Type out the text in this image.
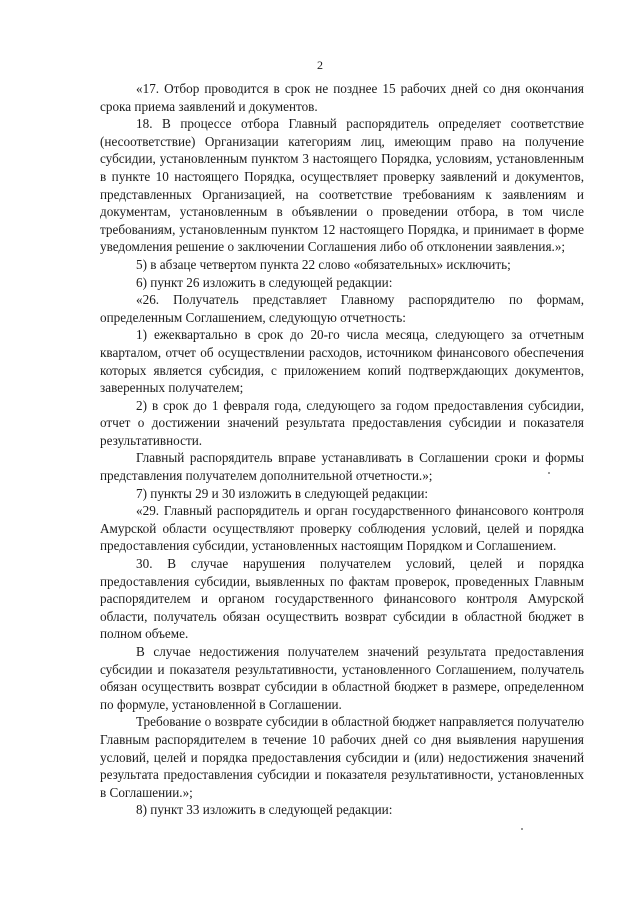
2

«17. Отбор проводится в срок не позднее 15 рабочих дней со дня окончания срока приема заявлений и документов.

18. В процессе отбора Главный распорядитель определяет соответствие (несоответствие) Организации категориям лиц, имеющим право на получение субсидии, установленным пунктом 3 настоящего Порядка, условиям, установленным в пункте 10 настоящего Порядка, осуществляет проверку заявлений и документов, представленных Организацией, на соответствие требованиям к заявлениям и документам, установленным в объявлении о проведении отбора, в том числе требованиям, установленным пунктом 12 настоящего Порядка, и принимает в форме уведомления решение о заключении Соглашения либо об отклонении заявления.»;

5) в абзаце четвертом пункта 22 слово «обязательных» исключить;

6) пункт 26 изложить в следующей редакции:

«26. Получатель представляет Главному распорядителю по формам, определенным Соглашением, следующую отчетность:

1) ежеквартально в срок до 20-го числа месяца, следующего за отчетным кварталом, отчет об осуществлении расходов, источником финансового обеспечения которых является субсидия, с приложением копий подтверждающих документов, заверенных получателем;

2) в срок до 1 февраля года, следующего за годом предоставления субсидии, отчет о достижении значений результата предоставления субсидии и показателя результативности.

Главный распорядитель вправе устанавливать в Соглашении сроки и формы представления получателем дополнительной отчетности.»;

7) пункты 29 и 30 изложить в следующей редакции:

«29. Главный распорядитель и орган государственного финансового контроля Амурской области осуществляют проверку соблюдения условий, целей и порядка предоставления субсидии, установленных настоящим Порядком и Соглашением.

30. В случае нарушения получателем условий, целей и порядка предоставления субсидии, выявленных по фактам проверок, проведенных Главным распорядителем и органом государственного финансового контроля Амурской области, получатель обязан осуществить возврат субсидии в областной бюджет в полном объеме.

В случае недостижения получателем значений результата предоставления субсидии и показателя результативности, установленного Соглашением, получатель обязан осуществить возврат субсидии в областной бюджет в размере, определенном по формуле, установленной в Соглашении.

Требование о возврате субсидии в областной бюджет направляется получателю Главным распорядителем в течение 10 рабочих дней со дня выявления нарушения условий, целей и порядка предоставления субсидии и (или) недостижения значений результата предоставления субсидии и показателя результативности, установленных в Соглашении.»;

8) пункт 33 изложить в следующей редакции:
